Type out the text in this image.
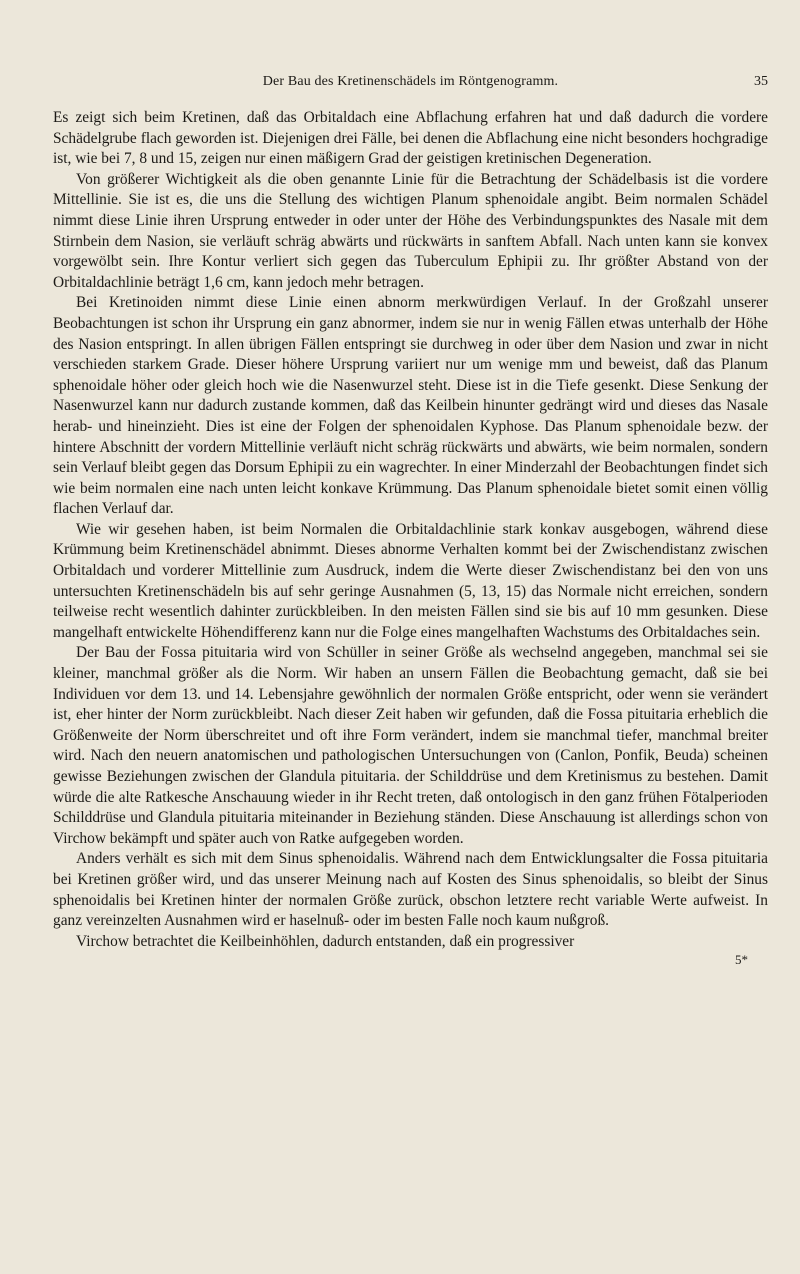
Der Bau des Kretinenschädels im Röntgenogramm.	35

Es zeigt sich beim Kretinen, daß das Orbitaldach eine Abflachung erfahren hat und daß dadurch die vordere Schädelgrube flach geworden ist. Diejenigen drei Fälle, bei denen die Abflachung eine nicht besonders hochgradige ist, wie bei 7, 8 und 15, zeigen nur einen mäßigern Grad der geistigen kretinischen Degeneration.

Von größerer Wichtigkeit als die oben genannte Linie für die Betrachtung der Schädelbasis ist die vordere Mittellinie. Sie ist es, die uns die Stellung des wichtigen Planum sphenoidale angibt. Beim normalen Schädel nimmt diese Linie ihren Ursprung entweder in oder unter der Höhe des Verbindungspunktes des Nasale mit dem Stirnbein dem Nasion, sie verläuft schräg abwärts und rückwärts in sanftem Abfall. Nach unten kann sie konvex vorgewölbt sein. Ihre Kontur verliert sich gegen das Tuberculum Ephipii zu. Ihr größter Abstand von der Orbitaldachlinie beträgt 1,6 cm, kann jedoch mehr betragen.

Bei Kretinoiden nimmt diese Linie einen abnorm merkwürdigen Verlauf. In der Großzahl unserer Beobachtungen ist schon ihr Ursprung ein ganz abnormer, indem sie nur in wenig Fällen etwas unterhalb der Höhe des Nasion entspringt. In allen übrigen Fällen entspringt sie durchweg in oder über dem Nasion und zwar in nicht verschieden starkem Grade. Dieser höhere Ursprung variiert nur um wenige mm und beweist, daß das Planum sphenoidale höher oder gleich hoch wie die Nasenwurzel steht. Diese ist in die Tiefe gesenkt. Diese Senkung der Nasenwurzel kann nur dadurch zustande kommen, daß das Keilbein hinunter gedrängt wird und dieses das Nasale herab- und hineinzieht. Dies ist eine der Folgen der sphenoidalen Kyphose. Das Planum sphenoidale bezw. der hintere Abschnitt der vordern Mittellinie verläuft nicht schräg rückwärts und abwärts, wie beim normalen, sondern sein Verlauf bleibt gegen das Dorsum Ephipii zu ein wagrechter. In einer Minderzahl der Beobachtungen findet sich wie beim normalen eine nach unten leicht konkave Krümmung. Das Planum sphenoidale bietet somit einen völlig flachen Verlauf dar.

Wie wir gesehen haben, ist beim Normalen die Orbitaldachlinie stark konkav ausgebogen, während diese Krümmung beim Kretinenschädel abnimmt. Dieses abnorme Verhalten kommt bei der Zwischendistanz zwischen Orbitaldach und vorderer Mittellinie zum Ausdruck, indem die Werte dieser Zwischendistanz bei den von uns untersuchten Kretinenschädeln bis auf sehr geringe Ausnahmen (5, 13, 15) das Normale nicht erreichen, sondern teilweise recht wesentlich dahinter zurückbleiben. In den meisten Fällen sind sie bis auf 10 mm gesunken. Diese mangelhaft entwickelte Höhendifferenz kann nur die Folge eines mangelhaften Wachstums des Orbitaldaches sein.

Der Bau der Fossa pituitaria wird von Schüller in seiner Größe als wechselnd angegeben, manchmal sei sie kleiner, manchmal größer als die Norm. Wir haben an unsern Fällen die Beobachtung gemacht, daß sie bei Individuen vor dem 13. und 14. Lebensjahre gewöhnlich der normalen Größe entspricht, oder wenn sie verändert ist, eher hinter der Norm zurückbleibt. Nach dieser Zeit haben wir gefunden, daß die Fossa pituitaria erheblich die Größenweite der Norm überschreitet und oft ihre Form verändert, indem sie manchmal tiefer, manchmal breiter wird. Nach den neuern anatomischen und pathologischen Untersuchungen von (Canlon, Ponfik, Beuda) scheinen gewisse Beziehungen zwischen der Glandula pituitaria. der Schilddrüse und dem Kretinismus zu bestehen. Damit würde die alte Ratkesche Anschauung wieder in ihr Recht treten, daß ontologisch in den ganz frühen Fötalperioden Schilddrüse und Glandula pituitaria miteinander in Beziehung ständen. Diese Anschauung ist allerdings schon von Virchow bekämpft und später auch von Ratke aufgegeben worden.

Anders verhält es sich mit dem Sinus sphenoidalis. Während nach dem Entwicklungsalter die Fossa pituitaria bei Kretinen größer wird, und das unserer Meinung nach auf Kosten des Sinus sphenoidalis, so bleibt der Sinus sphenoidalis bei Kretinen hinter der normalen Größe zurück, obschon letztere recht variable Werte aufweist. In ganz vereinzelten Ausnahmen wird er haselnuß- oder im besten Falle noch kaum nußgroß.

Virchow betrachtet die Keilbeinhöhlen, dadurch entstanden, daß ein progressiver

5*
